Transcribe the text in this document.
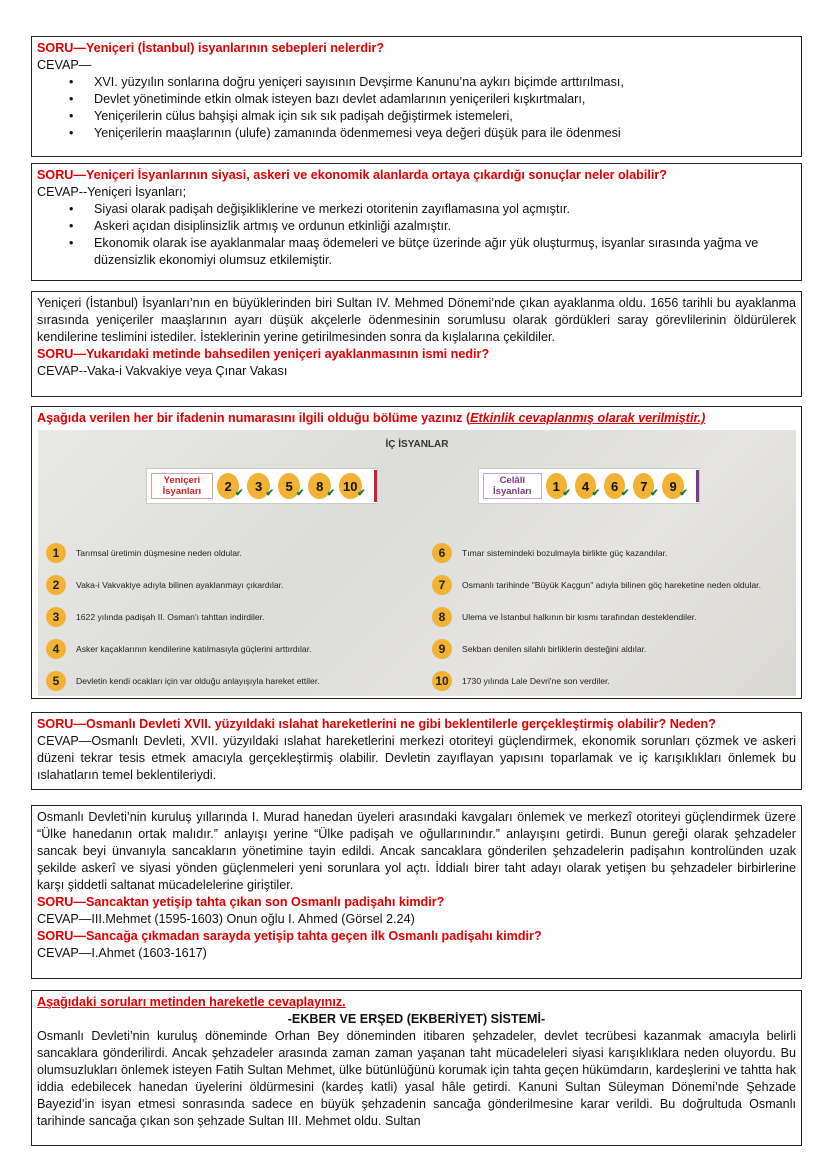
SORU—Yeniçeri (İstanbul) isyanlarının sebepleri nelerdir?
CEVAP—
• XVI. yüzyılın sonlarına doğru yeniçeri sayısının Devşirme Kanunu’na aykırı biçimde arttırılması,
• Devlet yönetiminde etkin olmak isteyen bazı devlet adamlarının yeniçerileri kışkırtmaları,
• Yeniçerilerin cülus bahşişi almak için sık sık padişah değiştirmek istemeleri,
• Yeniçerilerin maaşlarının (ulufe) zamanında ödenmemesi veya değeri düşük para ile ödenmesi
SORU—Yeniçeri İsyanlarının siyasi, askeri ve ekonomik alanlarda ortaya çıkardığı sonuçlar neler olabilir?
CEVAP--Yeniçeri İsyanları;
• Siyasi olarak padişah değişikliklerine ve merkezi otoritenin zayıflamasına yol açmıştır.
• Askeri açıdan disiplinsizlik artmış ve ordunun etkinliği azalmıştır.
• Ekonomik olarak ise ayaklanmalar maaş ödemeleri ve bütçe üzerinde ağır yük oluşturmuş, isyanlar sırasında yağma ve düzensizlik ekonomiyi olumsuz etkilemiştir.
Yeniçeri (İstanbul) İsyanları’nın en büyüklerinden biri Sultan IV. Mehmed Dönemi’nde çıkan ayaklanma oldu. 1656 tarihli bu ayaklanma sırasında yeniçeriler maaşlarının ayarı düşük akçelerle ödenmesinin sorumlusu olarak gördükleri saray görevlilerinin öldürülerek kendilerine teslimini istediler. İsteklerinin yerine getirilmesinden sonra da kışlalarına çekildiler.
SORU—Yukarıdaki metinde bahsedilen yeniçeri ayaklanmasının ismi nedir?
CEVAP--Vaka-i Vakvakiye veya Çınar Vakası
Aşağıda verilen her bir ifadenin numarasını ilgili olduğu bölüme yazınız (Etkinlik cevaplanmış olarak verilmiştir.)
İÇ İSYANLAR
Yeniçeri İsyanları	2 ✔ 3 ✔ 5 ✔ 8 ✔ 10 ✔
Celâlî İsyanları	1 ✔ 4 ✔ 6 ✔ 7 ✔ 9 ✔
1	Tarımsal üretimin düşmesine neden oldular.
2	Vaka-i Vakvakiye adıyla bilinen ayaklanmayı çıkardılar.
3	1622 yılında padişah II. Osman'ı tahttan indirdiler.
4	Asker kaçaklarının kendilerine katılmasıyla güçlerini arttırdılar.
5	Devletin kendi ocakları için var olduğu anlayışıyla hareket ettiler.
6	Tımar sistemindeki bozulmayla birlikte güç kazandılar.
7	Osmanlı tarihinde "Büyük Kaçgun" adıyla bilinen göç hareketine neden oldular.
8	Ulema ve İstanbul halkının bir kısmı tarafından desteklendiler.
9	Sekban denilen silahlı birliklerin desteğini aldılar.
10	1730 yılında Lale Devri'ne son verdiler.
SORU—Osmanlı Devleti XVII. yüzyıldaki ıslahat hareketlerini ne gibi beklentilerle gerçekleştirmiş olabilir? Neden?
CEVAP—Osmanlı Devleti, XVII. yüzyıldaki ıslahat hareketlerini merkezi otoriteyi güçlendirmek, ekonomik sorunları çözmek ve askeri düzeni tekrar tesis etmek amacıyla gerçekleştirmiş olabilir. Devletin zayıflayan yapısını toparlamak ve iç karışıklıkları önlemek bu ıslahatların temel beklentileriydi.
Osmanlı Devleti’nin kuruluş yıllarında I. Murad hanedan üyeleri arasındaki kavgaları önlemek ve merkezî otoriteyi güçlendirmek üzere “Ülke hanedanın ortak malıdır.” anlayışı yerine “Ülke padişah ve oğullarınındır.” anlayışını getirdi. Bunun gereği olarak şehzadeler sancak beyi ünvanıyla sancakların yönetimine tayin edildi. Ancak sancaklara gönderilen şehzadelerin padişahın kontrolünden uzak şekilde askerî ve siyasi yönden güçlenmeleri yeni sorunlara yol açtı. İddialı birer taht adayı olarak yetişen bu şehzadeler birbirlerine karşı şiddetli saltanat mücadelelerine giriştiler.
SORU—Sancaktan yetişip tahta çıkan son Osmanlı padişahı kimdir?
CEVAP—III.Mehmet (1595-1603) Onun oğlu I. Ahmed (Görsel 2.24)
SORU—Sancağa çıkmadan sarayda yetişip tahta geçen ilk Osmanlı padişahı kimdir?
CEVAP—I.Ahmet (1603-1617)
Aşağıdaki soruları metinden hareketle cevaplayınız.
-EKBER VE ERŞED (EKBERİYET) SİSTEMİ-
Osmanlı Devleti’nin kuruluş döneminde Orhan Bey döneminden itibaren şehzadeler, devlet tecrübesi kazanmak amacıyla belirli sancaklara gönderilirdi. Ancak şehzadeler arasında zaman zaman yaşanan taht mücadeleleri siyasi karışıklıklara neden oluyordu. Bu olumsuzlukları önlemek isteyen Fatih Sultan Mehmet, ülke bütünlüğünü korumak için tahta geçen hükümdarın, kardeşlerini ve tahtta hak iddia edebilecek hanedan üyelerini öldürmesini (kardeş katli) yasal hâle getirdi. Kanuni Sultan Süleyman Dönemi’nde Şehzade Bayezid’in isyan etmesi sonrasında sadece en büyük şehzadenin sancağa gönderilmesine karar verildi. Bu doğrultuda Osmanlı tarihinde sancağa çıkan son şehzade Sultan III. Mehmet oldu. Sultan
